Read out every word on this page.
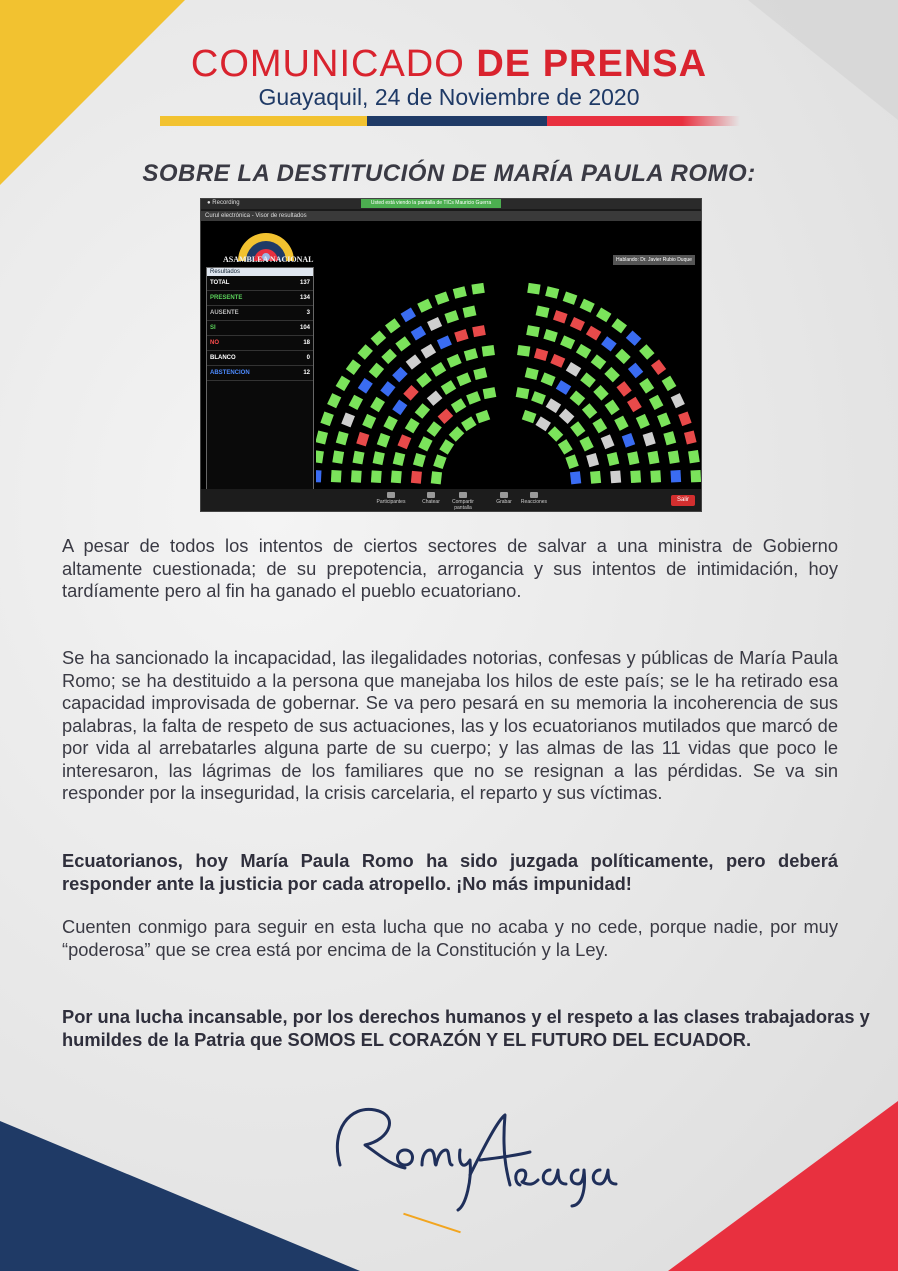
COMUNICADO DE PRENSA
Guayaquil, 24 de Noviembre de 2020
SOBRE LA DESTITUCIÓN DE MARÍA PAULA ROMO:
● Recording	Usted está viendo la pantalla de TICs Mauricio Guerra
Curul electrónica - Visor de resultados
ASAMBLEA NACIONAL	Hablando: Dr. Javier Rubio Duque
Resultados
TOTAL	137
PRESENTE	134
AUSENTE	3
SI	104
NO	18
BLANCO	0
ABSTENCION	12
Participantes	Chatear	Compartir pantalla
Grabar	Reacciones	Salir
A pesar de todos los intentos de ciertos sectores de salvar a una ministra de Gobierno altamente cuestionada; de su prepotencia, arrogancia y sus intentos de intimidación, hoy tardíamente pero al fin ha ganado el pueblo ecuatoriano.
Se ha sancionado la incapacidad, las ilegalidades notorias, confesas y públicas de María Paula Romo; se ha destituido a la persona que manejaba los hilos de este país; se le ha retirado esa capacidad improvisada de gobernar. Se va pero pesará en su memoria la incoherencia de sus palabras, la falta de respeto de sus actuaciones, las y los ecuatorianos mutilados que marcó de por vida al arrebatarles alguna parte de su cuerpo; y las almas de las 11 vidas que poco le interesaron, las lágrimas de los familiares que no se resignan a las pérdidas. Se va sin responder por la inseguridad, la crisis carcelaria, el reparto y sus víctimas.
Ecuatorianos, hoy María Paula Romo ha sido juzgada políticamente, pero deberá responder ante la justicia por cada atropello. ¡No más impunidad!
Cuenten conmigo para seguir en esta lucha que no acaba y no cede, porque nadie, por muy “poderosa” que se crea está por encima de la Constitución y la Ley.
Por una lucha incansable, por los derechos humanos y el respeto a las clases trabajadoras y humildes de la Patria que SOMOS EL CORAZÓN Y EL FUTURO DEL ECUADOR.
